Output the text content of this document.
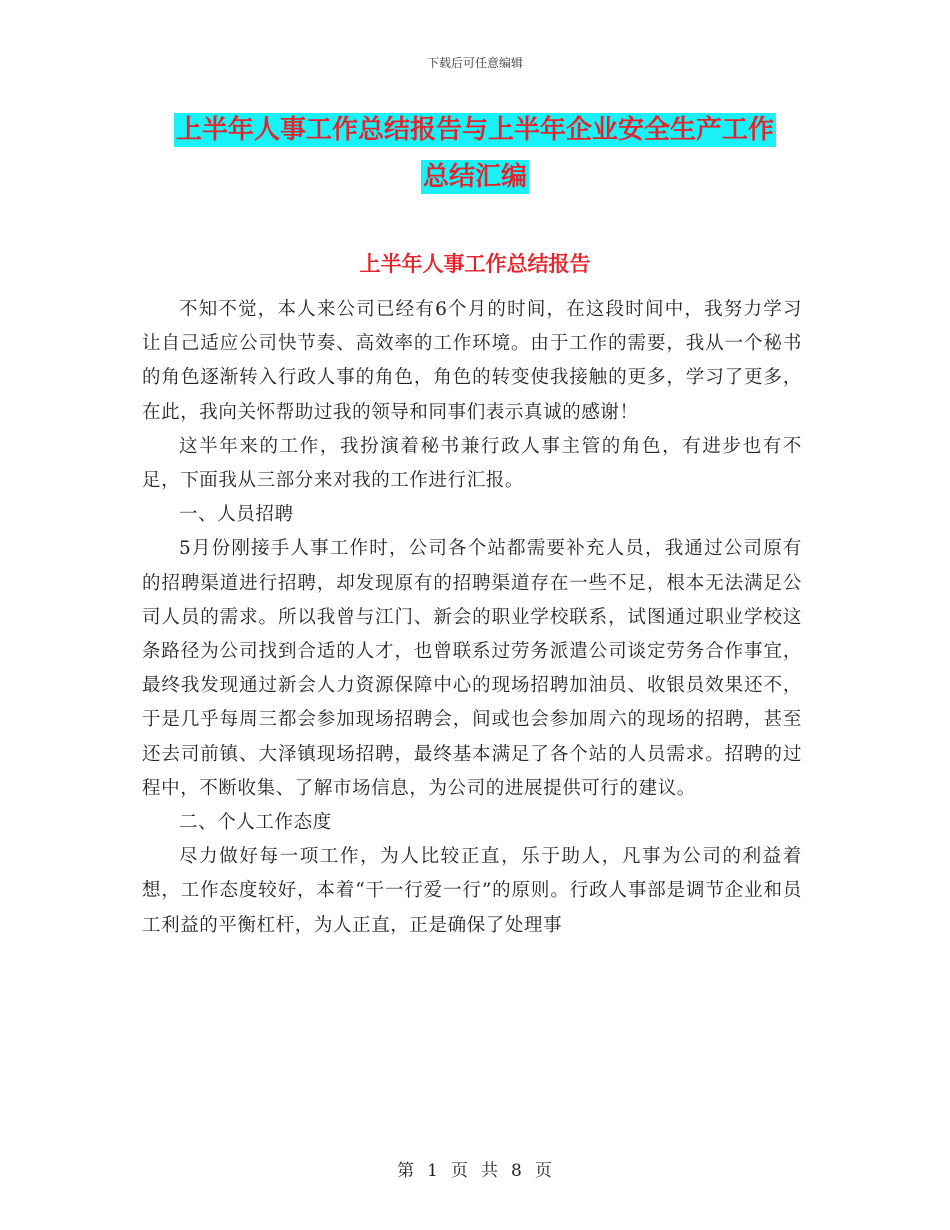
下载后可任意编辑
上半年人事工作总结报告与上半年企业安全生产工作
总结汇编
上半年人事工作总结报告

不知不觉，本人来公司已经有6个月的时间，在这段时间中，我努力学习让自己适应公司快节奏、高效率的工作环境。由于工作的需要，我从一个秘书的角色逐渐转入行政人事的角色，角色的转变使我接触的更多，学习了更多，在此，我向关怀帮助过我的领导和同事们表示真诚的感谢！

这半年来的工作，我扮演着秘书兼行政人事主管的角色，有进步也有不足，下面我从三部分来对我的工作进行汇报。

一、人员招聘

5月份刚接手人事工作时，公司各个站都需要补充人员，我通过公司原有的招聘渠道进行招聘，却发现原有的招聘渠道存在一些不足，根本无法满足公司人员的需求。所以我曾与江门、新会的职业学校联系，试图通过职业学校这条路径为公司找到合适的人才，也曾联系过劳务派遣公司谈定劳务合作事宜，最终我发现通过新会人力资源保障中心的现场招聘加油员、收银员效果还不，于是几乎每周三都会参加现场招聘会，间或也会参加周六的现场的招聘，甚至还去司前镇、大泽镇现场招聘，最终基本满足了各个站的人员需求。招聘的过程中，不断收集、了解市场信息，为公司的进展提供可行的建议。

二、个人工作态度

尽力做好每一项工作，为人比较正直，乐于助人，凡事为公司的利益着想，工作态度较好，本着“干一行爱一行”的原则。行政人事部是调节企业和员工利益的平衡杠杆，为人正直，正是确保了处理事

第 1 页 共 8 页
